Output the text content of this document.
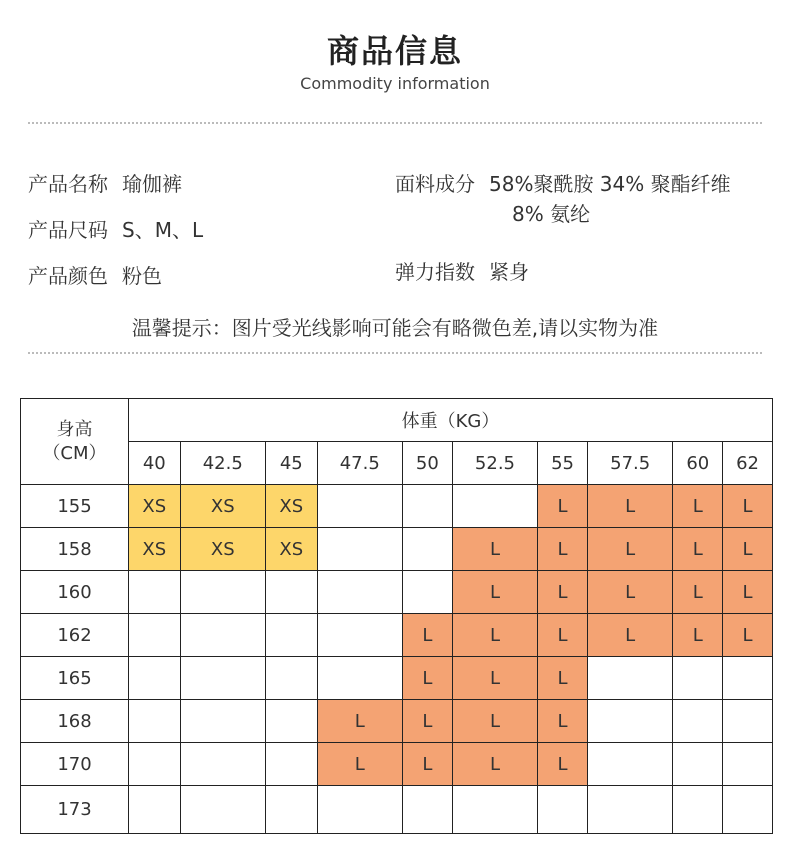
商品信息
Commodity information
产品名称 瑜伽裤
产品尺码 S、M、L
产品颜色 粉色
面料成分 58%聚酰胺 34% 聚酯纤维
8% 氨纶
弹力指数 紧身
温馨提示：图片受光线影响可能会有略微色差,请以实物为准
身高
（CM）	体重（KG）									
	40	42.5	45	47.5	50	52.5	55	57.5	60	62
155	XS	XS	XS				L	L	L	L
158	XS	XS	XS			L	L	L	L	L
160						L	L	L	L	L
162					L	L	L	L	L	L
165					L	L	L			
168				L	L	L	L			
170				L	L	L	L			
173										
